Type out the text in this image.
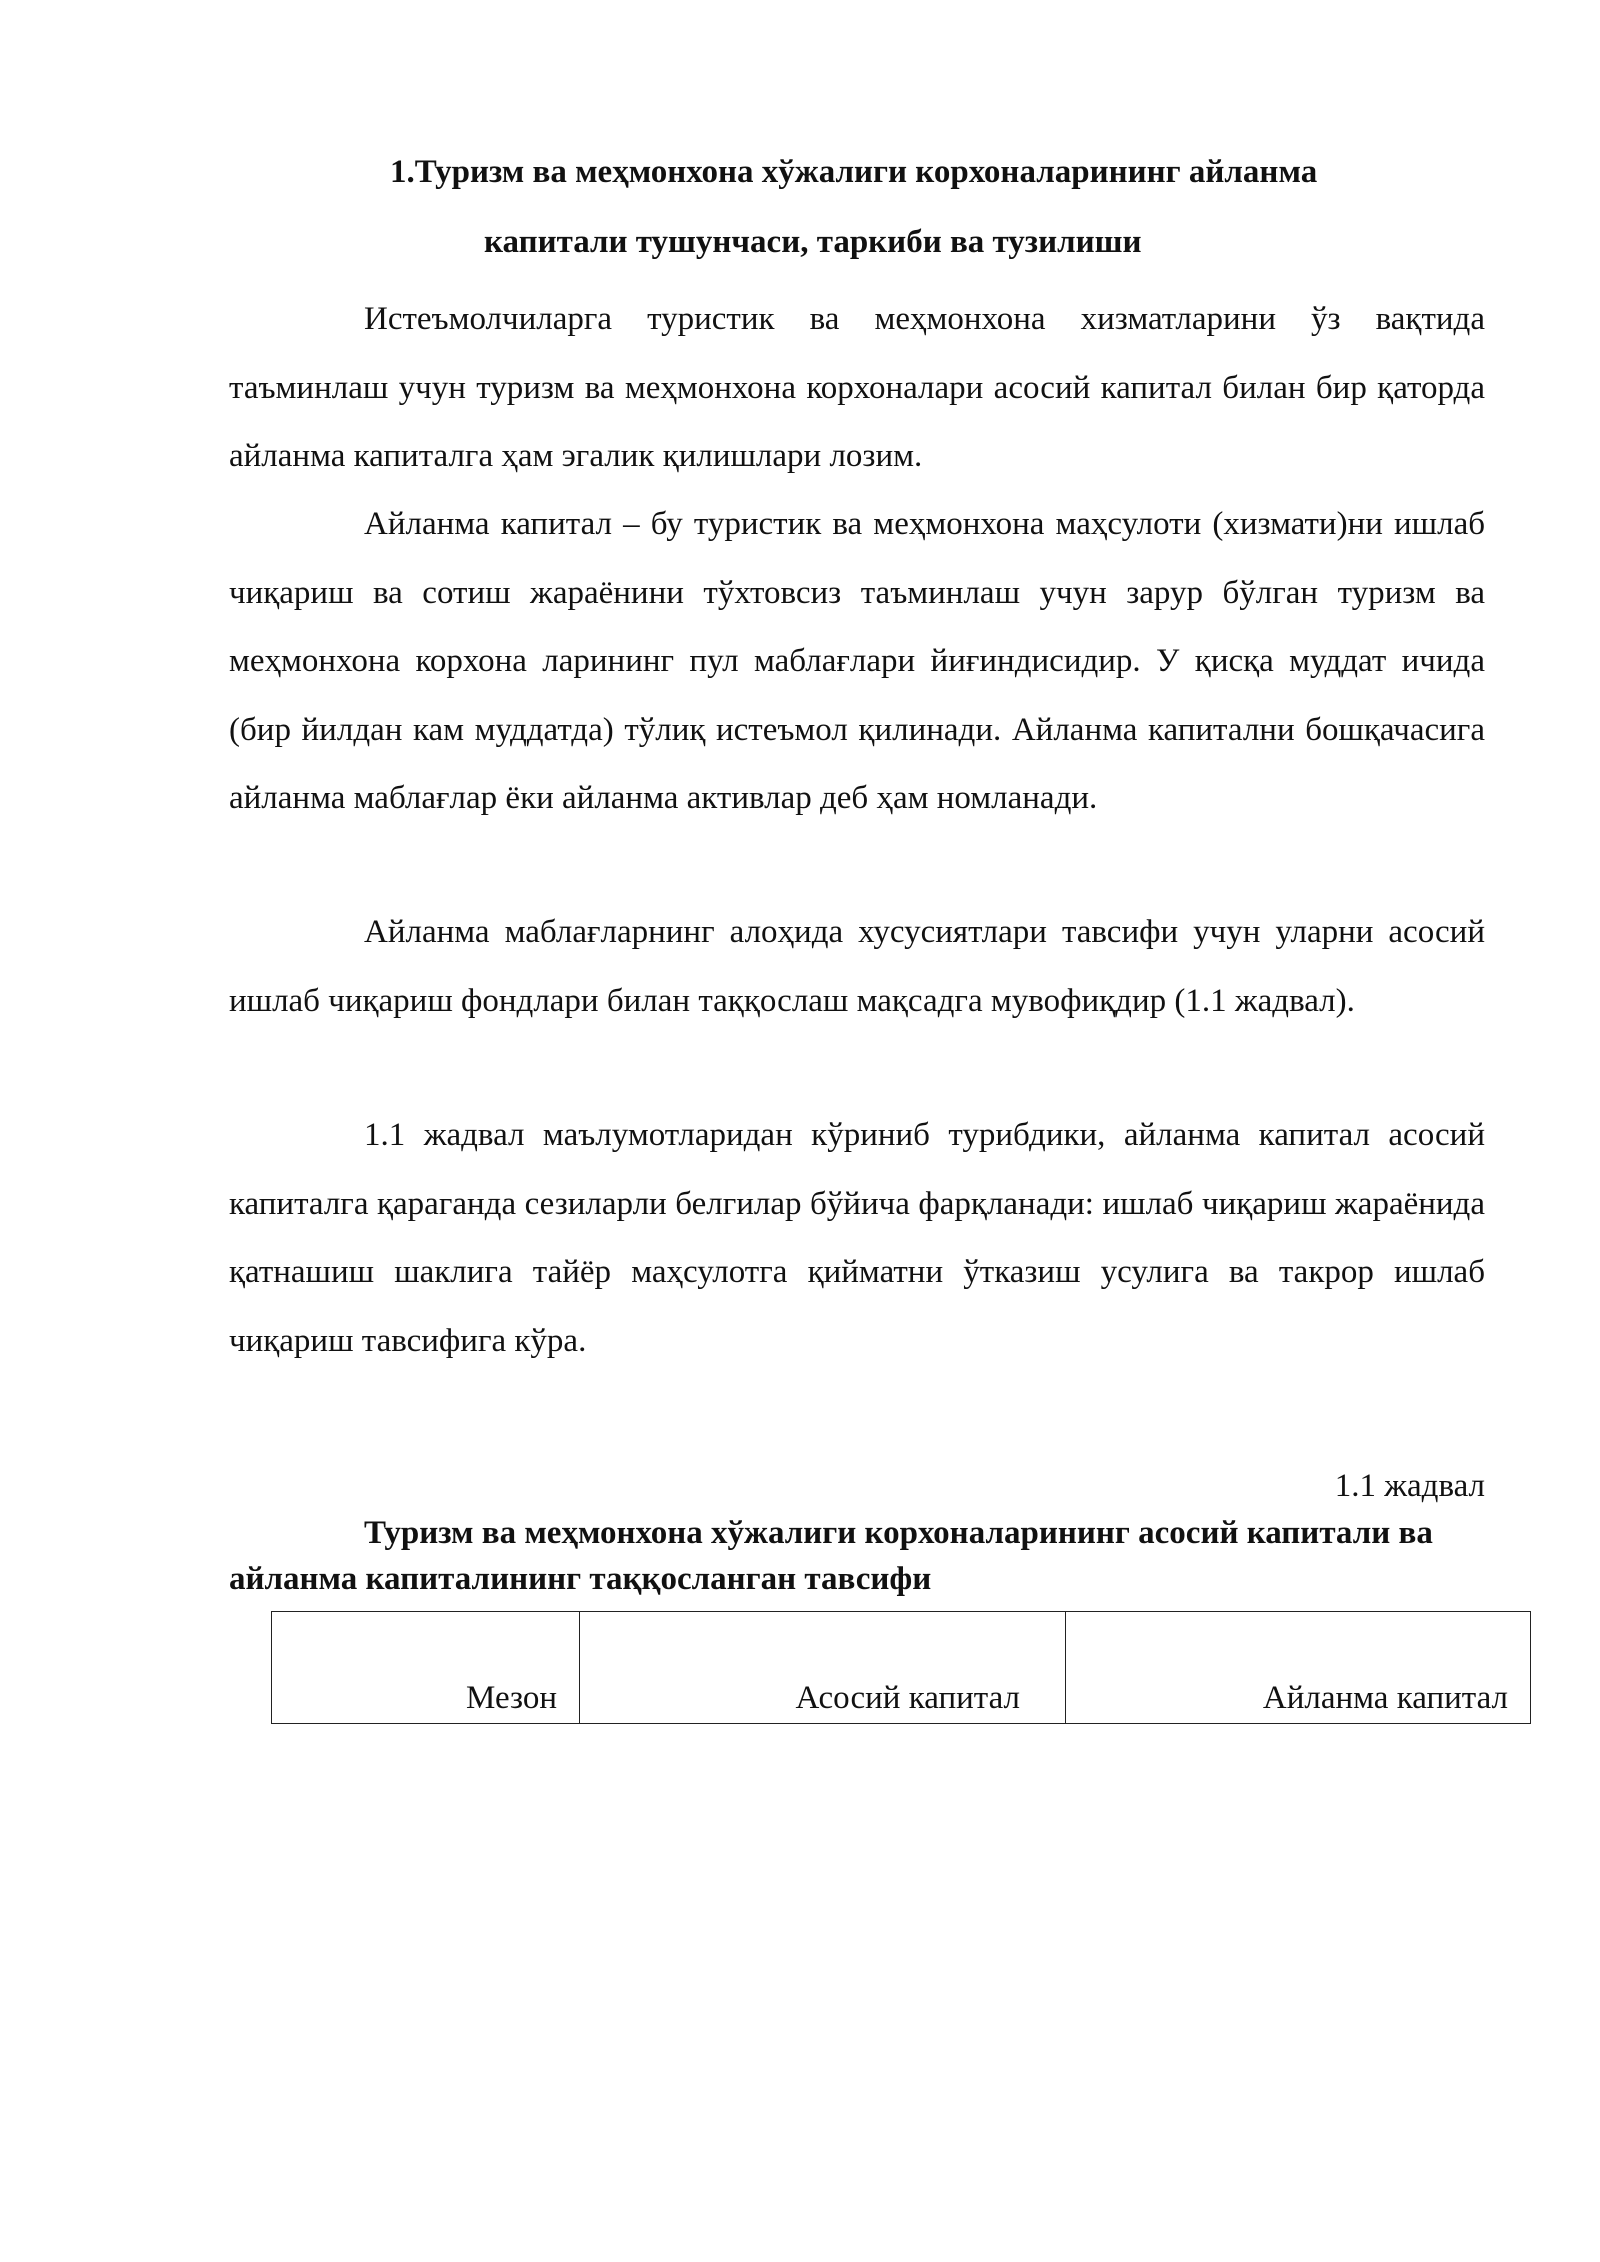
1.Туризм ва меҳмонхона хўжалиги корхоналарининг айланма
капитали тушунчаси, таркиби ва тузилиши

Истеъмолчиларга туристик ва меҳмонхона хизматларини ўз вақтида таъминлаш учун туризм ва меҳмонхона корхоналари асосий капитал билан бир қаторда айланма капиталга ҳам эгалик қилишлари лозим.

Айланма капитал – бу туристик ва меҳмонхона маҳсулоти (хизмати)ни ишлаб чиқариш ва сотиш жараёнини тўхтовсиз таъминлаш учун зарур бўлган туризм ва меҳмонхона корхона ларининг пул маблағлари йиғиндисидир. У қисқа муддат ичида (бир йилдан кам муддатда) тўлиқ истеъмол қилинади. Айланма капитални бошқачасига айланма маблағлар ёки айланма активлар деб ҳам номланади.

Айланма маблағларнинг алоҳида хусусиятлари тавсифи учун уларни асосий ишлаб чиқариш фондлари билан таққослаш мақсадга мувофиқдир (1.1 жадвал).

1.1 жадвал маълумотларидан кўриниб турибдики, айланма капитал асосий капиталга қараганда сезиларли белгилар бўйича фарқланади: ишлаб чиқариш жараёнида қатнашиш шаклига тайёр маҳсулотга қийматни ўтказиш усулига ва такрор ишлаб чиқариш тавсифига кўра.

1.1 жадвал

Туризм ва меҳмонхона хўжалиги корхоналарининг асосий капитали ва айланма капиталининг таққосланган тавсифи

Мезон	Асосий капитал	Айланма капитал
